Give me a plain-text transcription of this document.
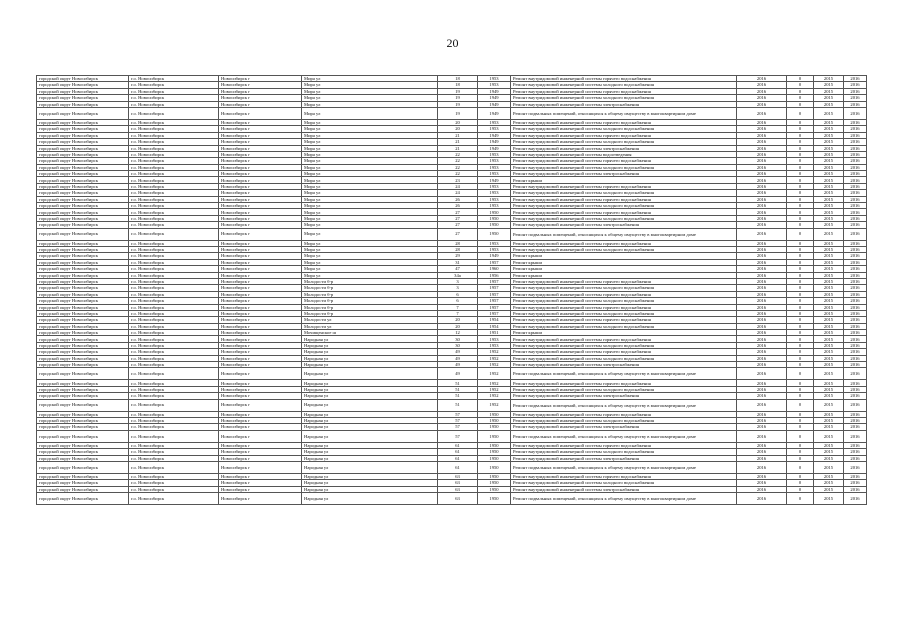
20
городской округ Новосибирск	г.о. Новосибирск	Новосибирск г	Мира ул	18	1953	Ремонт внутридомовой инженерной системы горячего водоснабжения	2016	0	2015	2016
городской округ Новосибирск	г.о. Новосибирск	Новосибирск г	Мира ул	18	1953	Ремонт внутридомовой инженерной системы холодного водоснабжения	2016	0	2015	2016
городской округ Новосибирск	г.о. Новосибирск	Новосибирск г	Мира ул	19	1949	Ремонт внутридомовой инженерной системы горячего водоснабжения	2016	0	2015	2016
городской округ Новосибирск	г.о. Новосибирск	Новосибирск г	Мира ул	19	1949	Ремонт внутридомовой инженерной системы холодного водоснабжения	2016	0	2015	2016
городской округ Новосибирск	г.о. Новосибирск	Новосибирск г	Мира ул	19	1949	Ремонт внутридомовой инженерной системы электроснабжения	2016	0	2015	2016
городской округ Новосибирск	г.о. Новосибирск	Новосибирск г	Мира ул	19	1949	Ремонт подвальных помещений, относящихся к общему имуществу в многоквартирном доме	2016	0	2015	2016
городской округ Новосибирск	г.о. Новосибирск	Новосибирск г	Мира ул	20	1953	Ремонт внутридомовой инженерной системы горячего водоснабжения	2016	0	2015	2016
городской округ Новосибирск	г.о. Новосибирск	Новосибирск г	Мира ул	20	1953	Ремонт внутридомовой инженерной системы холодного водоснабжения	2016	0	2015	2016
городской округ Новосибирск	г.о. Новосибирск	Новосибирск г	Мира ул	21	1949	Ремонт внутридомовой инженерной системы горячего водоснабжения	2016	0	2015	2016
городской округ Новосибирск	г.о. Новосибирск	Новосибирск г	Мира ул	21	1949	Ремонт внутридомовой инженерной системы холодного водоснабжения	2016	0	2015	2016
городской округ Новосибирск	г.о. Новосибирск	Новосибирск г	Мира ул	21	1949	Ремонт внутридомовой инженерной системы электроснабжения	2016	0	2015	2016
городской округ Новосибирск	г.о. Новосибирск	Новосибирск г	Мира ул	22	1953	Ремонт внутридомовой инженерной системы водоотведения	2016	0	2015	2016
городской округ Новосибирск	г.о. Новосибирск	Новосибирск г	Мира ул	22	1953	Ремонт внутридомовой инженерной системы горячего водоснабжения	2016	0	2015	2016
городской округ Новосибирск	г.о. Новосибирск	Новосибирск г	Мира ул	22	1953	Ремонт внутридомовой инженерной системы холодного водоснабжения	2016	0	2015	2016
городской округ Новосибирск	г.о. Новосибирск	Новосибирск г	Мира ул	22	1953	Ремонт внутридомовой инженерной системы электроснабжения	2016	0	2015	2016
городской округ Новосибирск	г.о. Новосибирск	Новосибирск г	Мира ул	23	1949	Ремонт крыши	2016	0	2015	2016
городской округ Новосибирск	г.о. Новосибирск	Новосибирск г	Мира ул	24	1953	Ремонт внутридомовой инженерной системы горячего водоснабжения	2016	0	2015	2016
городской округ Новосибирск	г.о. Новосибирск	Новосибирск г	Мира ул	24	1953	Ремонт внутридомовой инженерной системы холодного водоснабжения	2016	0	2015	2016
городской округ Новосибирск	г.о. Новосибирск	Новосибирск г	Мира ул	26	1953	Ремонт внутридомовой инженерной системы горячего водоснабжения	2016	0	2015	2016
городской округ Новосибирск	г.о. Новосибирск	Новосибирск г	Мира ул	26	1953	Ремонт внутридомовой инженерной системы холодного водоснабжения	2016	0	2015	2016
городской округ Новосибирск	г.о. Новосибирск	Новосибирск г	Мира ул	27	1950	Ремонт внутридомовой инженерной системы горячего водоснабжения	2016	0	2015	2016
городской округ Новосибирск	г.о. Новосибирск	Новосибирск г	Мира ул	27	1950	Ремонт внутридомовой инженерной системы холодного водоснабжения	2016	0	2015	2016
городской округ Новосибирск	г.о. Новосибирск	Новосибирск г	Мира ул	27	1950	Ремонт внутридомовой инженерной системы электроснабжения	2016	0	2015	2016
городской округ Новосибирск	г.о. Новосибирск	Новосибирск г	Мира ул	27	1950	Ремонт подвальных помещений, относящихся к общему имуществу в многоквартирном доме	2016	0	2015	2016
городской округ Новосибирск	г.о. Новосибирск	Новосибирск г	Мира ул	28	1953	Ремонт внутридомовой инженерной системы горячего водоснабжения	2016	0	2015	2016
городской округ Новосибирск	г.о. Новосибирск	Новосибирск г	Мира ул	28	1953	Ремонт внутридомовой инженерной системы холодного водоснабжения	2016	0	2015	2016
городской округ Новосибирск	г.о. Новосибирск	Новосибирск г	Мира ул	29	1949	Ремонт крыши	2016	0	2015	2016
городской округ Новосибирск	г.о. Новосибирск	Новосибирск г	Мира ул	31	1957	Ремонт крыши	2016	0	2015	2016
городской округ Новосибирск	г.о. Новосибирск	Новосибирск г	Мира ул	47	1960	Ремонт крыши	2016	0	2015	2016
городской округ Новосибирск	г.о. Новосибирск	Новосибирск г	Мира ул	34а	1956	Ремонт крыши	2016	0	2015	2016
городской округ Новосибирск	г.о. Новосибирск	Новосибирск г	Молодости б-р	3	1957	Ремонт внутридомовой инженерной системы горячего водоснабжения	2016	0	2015	2016
городской округ Новосибирск	г.о. Новосибирск	Новосибирск г	Молодости б-р	3	1957	Ремонт внутридомовой инженерной системы холодного водоснабжения	2016	0	2015	2016
городской округ Новосибирск	г.о. Новосибирск	Новосибирск г	Молодости б-р	6	1957	Ремонт внутридомовой инженерной системы горячего водоснабжения	2016	0	2015	2016
городской округ Новосибирск	г.о. Новосибирск	Новосибирск г	Молодости б-р	6	1957	Ремонт внутридомовой инженерной системы холодного водоснабжения	2016	0	2015	2016
городской округ Новосибирск	г.о. Новосибирск	Новосибирск г	Молодости б-р	7	1957	Ремонт внутридомовой инженерной системы горячего водоснабжения	2016	0	2015	2016
городской округ Новосибирск	г.о. Новосибирск	Новосибирск г	Молодости б-р	7	1957	Ремонт внутридомовой инженерной системы холодного водоснабжения	2016	0	2015	2016
городской округ Новосибирск	г.о. Новосибирск	Новосибирск г	Молодости ул	20	1954	Ремонт внутридомовой инженерной системы горячего водоснабжения	2016	0	2015	2016
городской округ Новосибирск	г.о. Новосибирск	Новосибирск г	Молодости ул	20	1954	Ремонт внутридомовой инженерной системы холодного водоснабжения	2016	0	2015	2016
городской округ Новосибирск	г.о. Новосибирск	Новосибирск г	Мочищенское ш	12	1951	Ремонт крыши	2016	0	2015	2016
городской округ Новосибирск	г.о. Новосибирск	Новосибирск г	Народная ул	30	1953	Ремонт внутридомовой инженерной системы горячего водоснабжения	2016	0	2015	2016
городской округ Новосибирск	г.о. Новосибирск	Новосибирск г	Народная ул	30	1953	Ремонт внутридомовой инженерной системы холодного водоснабжения	2016	0	2015	2016
городской округ Новосибирск	г.о. Новосибирск	Новосибирск г	Народная ул	49	1952	Ремонт внутридомовой инженерной системы горячего водоснабжения	2016	0	2015	2016
городской округ Новосибирск	г.о. Новосибирск	Новосибирск г	Народная ул	49	1952	Ремонт внутридомовой инженерной системы холодного водоснабжения	2016	0	2015	2016
городской округ Новосибирск	г.о. Новосибирск	Новосибирск г	Народная ул	49	1952	Ремонт внутридомовой инженерной системы электроснабжения	2016	0	2015	2016
городской округ Новосибирск	г.о. Новосибирск	Новосибирск г	Народная ул	49	1952	Ремонт подвальных помещений, относящихся к общему имуществу в многоквартирном доме	2016	0	2015	2016
городской округ Новосибирск	г.о. Новосибирск	Новосибирск г	Народная ул	51	1952	Ремонт внутридомовой инженерной системы горячего водоснабжения	2016	0	2015	2016
городской округ Новосибирск	г.о. Новосибирск	Новосибирск г	Народная ул	51	1952	Ремонт внутридомовой инженерной системы холодного водоснабжения	2016	0	2015	2016
городской округ Новосибирск	г.о. Новосибирск	Новосибирск г	Народная ул	51	1952	Ремонт внутридомовой инженерной системы электроснабжения	2016	0	2015	2016
городской округ Новосибирск	г.о. Новосибирск	Новосибирск г	Народная ул	51	1952	Ремонт подвальных помещений, относящихся к общему имуществу в многоквартирном доме	2016	0	2015	2016
городской округ Новосибирск	г.о. Новосибирск	Новосибирск г	Народная ул	57	1950	Ремонт внутридомовой инженерной системы горячего водоснабжения	2016	0	2015	2016
городской округ Новосибирск	г.о. Новосибирск	Новосибирск г	Народная ул	57	1950	Ремонт внутридомовой инженерной системы холодного водоснабжения	2016	0	2015	2016
городской округ Новосибирск	г.о. Новосибирск	Новосибирск г	Народная ул	57	1950	Ремонт внутридомовой инженерной системы электроснабжения	2016	0	2015	2016
городской округ Новосибирск	г.о. Новосибирск	Новосибирск г	Народная ул	57	1950	Ремонт подвальных помещений, относящихся к общему имуществу в многоквартирном доме	2016	0	2015	2016
городской округ Новосибирск	г.о. Новосибирск	Новосибирск г	Народная ул	61	1950	Ремонт внутридомовой инженерной системы горячего водоснабжения	2016	0	2015	2016
городской округ Новосибирск	г.о. Новосибирск	Новосибирск г	Народная ул	61	1950	Ремонт внутридомовой инженерной системы холодного водоснабжения	2016	0	2015	2016
городской округ Новосибирск	г.о. Новосибирск	Новосибирск г	Народная ул	61	1950	Ремонт внутридомовой инженерной системы электроснабжения	2016	0	2015	2016
городской округ Новосибирск	г.о. Новосибирск	Новосибирск г	Народная ул	61	1950	Ремонт подвальных помещений, относящихся к общему имуществу в многоквартирном доме	2016	0	2015	2016
городской округ Новосибирск	г.о. Новосибирск	Новосибирск г	Народная ул	63	1950	Ремонт внутридомовой инженерной системы горячего водоснабжения	2016	0	2015	2016
городской округ Новосибирск	г.о. Новосибирск	Новосибирск г	Народная ул	63	1950	Ремонт внутридомовой инженерной системы холодного водоснабжения	2016	0	2015	2016
городской округ Новосибирск	г.о. Новосибирск	Новосибирск г	Народная ул	63	1950	Ремонт внутридомовой инженерной системы электроснабжения	2016	0	2015	2016
городской округ Новосибирск	г.о. Новосибирск	Новосибирск г	Народная ул	63	1950	Ремонт подвальных помещений, относящихся к общему имуществу в многоквартирном доме	2016	0	2015	2016
